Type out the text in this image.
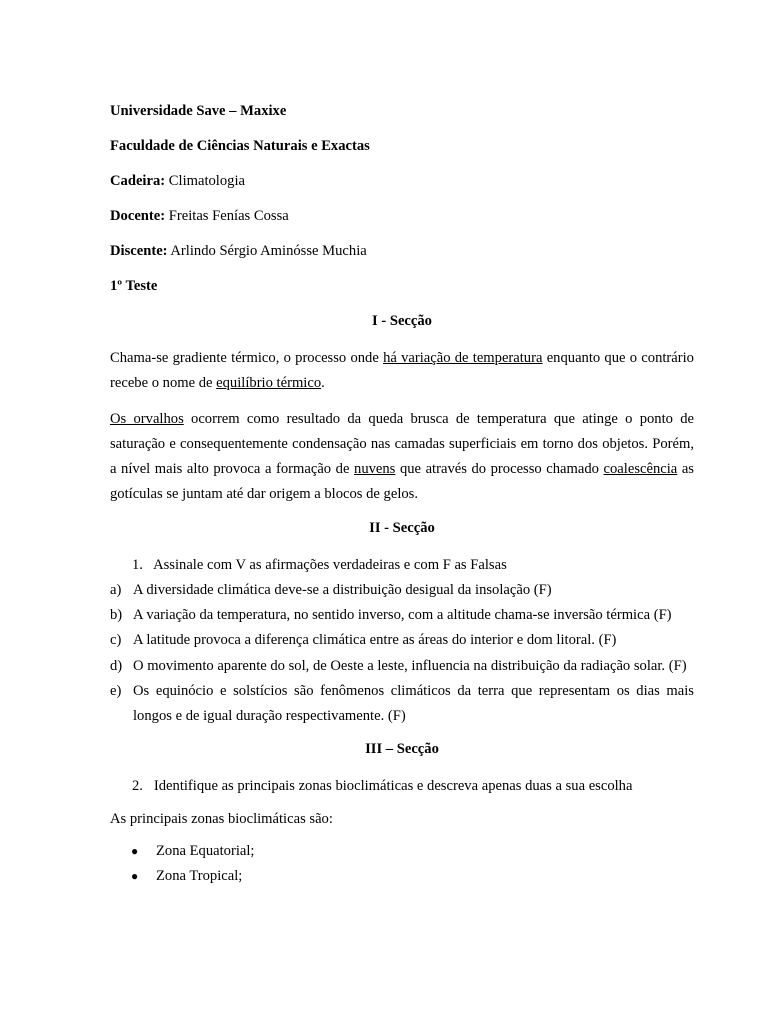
Universidade Save – Maxixe
Faculdade de Ciências Naturais e Exactas
Cadeira: Climatologia
Docente: Freitas Fenías Cossa
Discente: Arlindo Sérgio Aminósse Muchia
1º Teste
I - Secção

Chama-se gradiente térmico, o processo onde há variação de temperatura enquanto que o contrário recebe o nome de equilíbrio térmico.

Os orvalhos ocorrem como resultado da queda brusca de temperatura que atinge o ponto de saturação e consequentemente condensação nas camadas superficiais em torno dos objetos. Porém, a nível mais alto provoca a formação de nuvens que através do processo chamado coalescência as gotículas se juntam até dar origem a blocos de gelos.

II - Secção
1.   Assinale com V as afirmações verdadeiras e com F as Falsas
a) A diversidade climática deve-se a distribuição desigual da insolação (F)
b) A variação da temperatura, no sentido inverso, com a altitude chama-se inversão térmica (F)
c) A latitude provoca a diferença climática entre as áreas do interior e dom litoral. (F)
d) O movimento aparente do sol, de Oeste a leste, influencia na distribuição da radiação solar. (F)
e) Os equinócio e solstícios são fenômenos climáticos da terra que representam os dias mais longos e de igual duração respectivamente. (F)
III – Secção
2.   Identifique as principais zonas bioclimáticas e descreva apenas duas a sua escolha
As principais zonas bioclimáticas são:
● Zona Equatorial;
● Zona Tropical;
